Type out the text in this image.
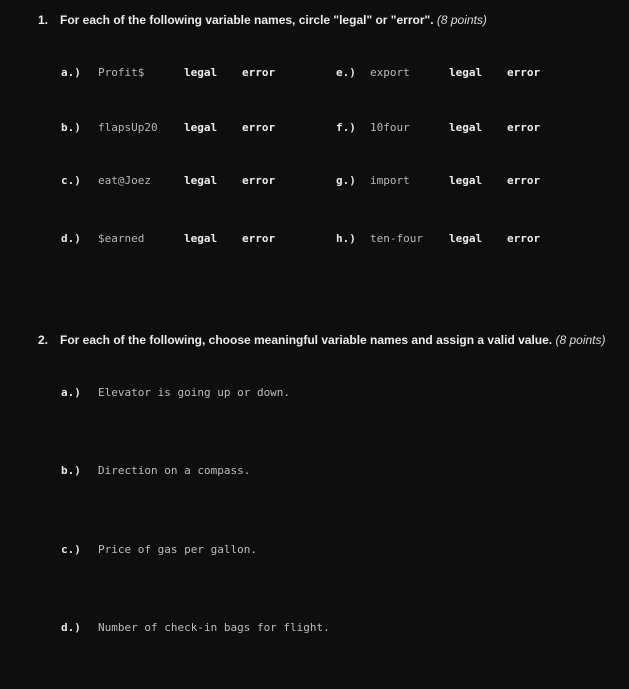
1. For each of the following variable names, circle "legal" or "error". (8 points)
a.) Profit$	legal error
b.) flapsUp20 legal error
c.) eat@Joez	legal error
d.) $earned	legal error
e.) export	legal error
f.) 10four	legal error
g.) import	legal error
h.) ten-four legal error
2. For each of the following, choose meaningful variable names and assign a valid value. (8 points)
a.) Elevator is going up or down.
b.) Direction on a compass.
c.) Price of gas per gallon.
d.) Number of check-in bags for flight.
